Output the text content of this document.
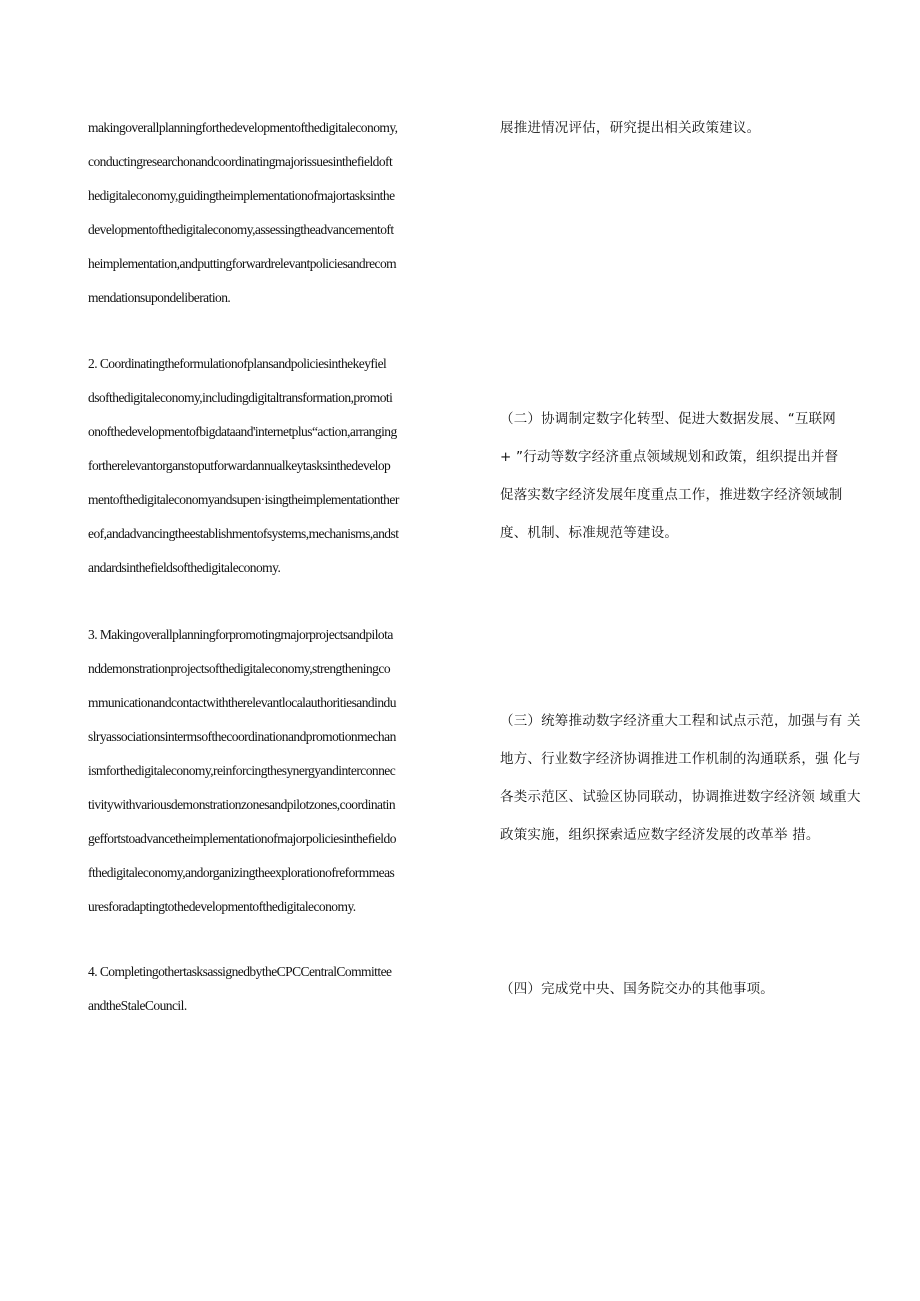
makingoverallplanningforthedevelopmentofthedigitaleconomy,
conductingresearchonandcoordinatingmajorissuesinthefieldoft
hedigitaleconomy,guidingtheimplementationofmajortasksinthe
developmentofthedigitaleconomy,assessingtheadvancementoft
heimplementation,andputtingforwardrelevantpoliciesandrecom
mendationsupondeliberation.
2. Coordinatingtheformulationofplansandpoliciesinthekeyfiel
dsofthedigitaleconomy,includingdigitaltransformation,promoti
onofthedevelopmentofbigdataand'internetplus“action,arranging
fortherelevantorganstoputforwardannualkeytasksinthedevelop
mentofthedigitaleconomyandsupen·isingtheimplementationther
eof,andadvancingtheestablishmentofsystems,mechanisms,andst
andardsinthefieldsofthedigitaleconomy.
3. Makingoverallplanningforpromotingmajorprojectsandpilota
nddemonstrationprojectsofthedigitaleconomy,strengtheningco
mmunicationandcontactwiththerelevantlocalauthoritiesandindu
slryassociationsintermsofthecoordinationandpromotionmechan
ismforthedigitaleconomy,reinforcingthesynergyandinterconnec
tivitywithvariousdemonstrationzonesandpilotzones,coordinatin
geffortstoadvancetheimplementationofmajorpoliciesinthefieldo
fthedigitaleconomy,andorganizingtheexplorationofreformmeas
uresforadaptingtothedevelopmentofthedigitaleconomy.
4. CompletingothertasksassignedbytheCPCCentralCommittee
andtheStaleCouncil.
展推进情况评估，研究提出相关政策建议。
（二）协调制定数字化转型、促进大数据发展、“互联网
+ ”行动等数字经济重点领域规划和政策，组织提出并督
促落实数字经济发展年度重点工作，推进数字经济领域制
度、机制、标准规范等建设。
（三）统筹推动数字经济重大工程和试点示范，加强与有 关
地方、行业数字经济协调推进工作机制的沟通联系，强 化与
各类示范区、试验区协同联动，协调推进数字经济领 域重大
政策实施，组织探索适应数字经济发展的改革举 措。
（四）完成党中央、国务院交办的其他事项。
